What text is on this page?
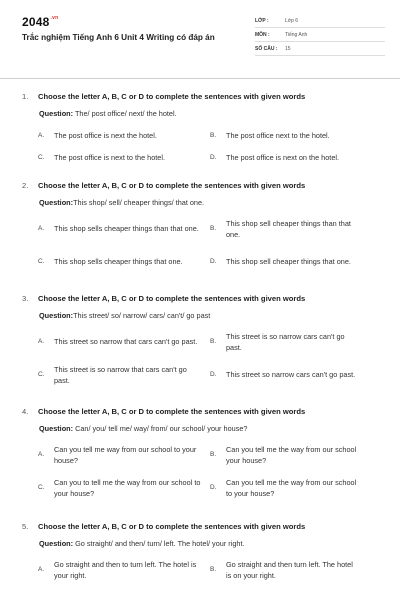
$2048^{.vn}$
Trắc nghiệm Tiếng Anh 6 Unit 4 Writing có đáp án
LỚP :	Lớp 6
MÔN :	Tiếng Anh
SỐ CÂU :	15
1.	Choose the letter A, B, C or D to complete the sentences with given words
Question: The/ post office/ next/ the hotel.
A.	The post office is next the hotel.	B.	The post office next to the hotel.
C.	The post office is next to the hotel.	D.	The post office is next on the hotel.
2.	Choose the letter A, B, C or D to complete the sentences with given words
Question:This shop/ sell/ cheaper things/ that one.
A.	This shop sells cheaper things than that one.	B.
This shop sell cheaper things than that one.
C.	This shop sells cheaper things that one.	D.	This shop sell cheaper things that one.
3.	Choose the letter A, B, C or D to complete the sentences with given words
Question:This street/ so/ narrow/ cars/ can't/ go past
A.	This street so narrow that cars can't go past.	B.
This street is so narrow cars can't go past.
C.
This street is so narrow that cars can't go past.
D.	This street so narrow cars can't go past.
4.	Choose the letter A, B, C or D to complete the sentences with given words
Question: Can/ you/ tell me/ way/ from/ our school/ your house?
A.
Can you tell me way from our school to your house?
B.
Can you tell me the way from our school your house?
C.
Can you to tell me the way from our school to your house?
D.
Can you tell me the way from our school to your house?
5.	Choose the letter A, B, C or D to complete the sentences with given words
Question: Go straight/ and then/ turn/ left. The hotel/ your right.
A.
Go straight and then to turn left. The hotel is your right.
B.
Go straight and then turn left. The hotel is on your right.
